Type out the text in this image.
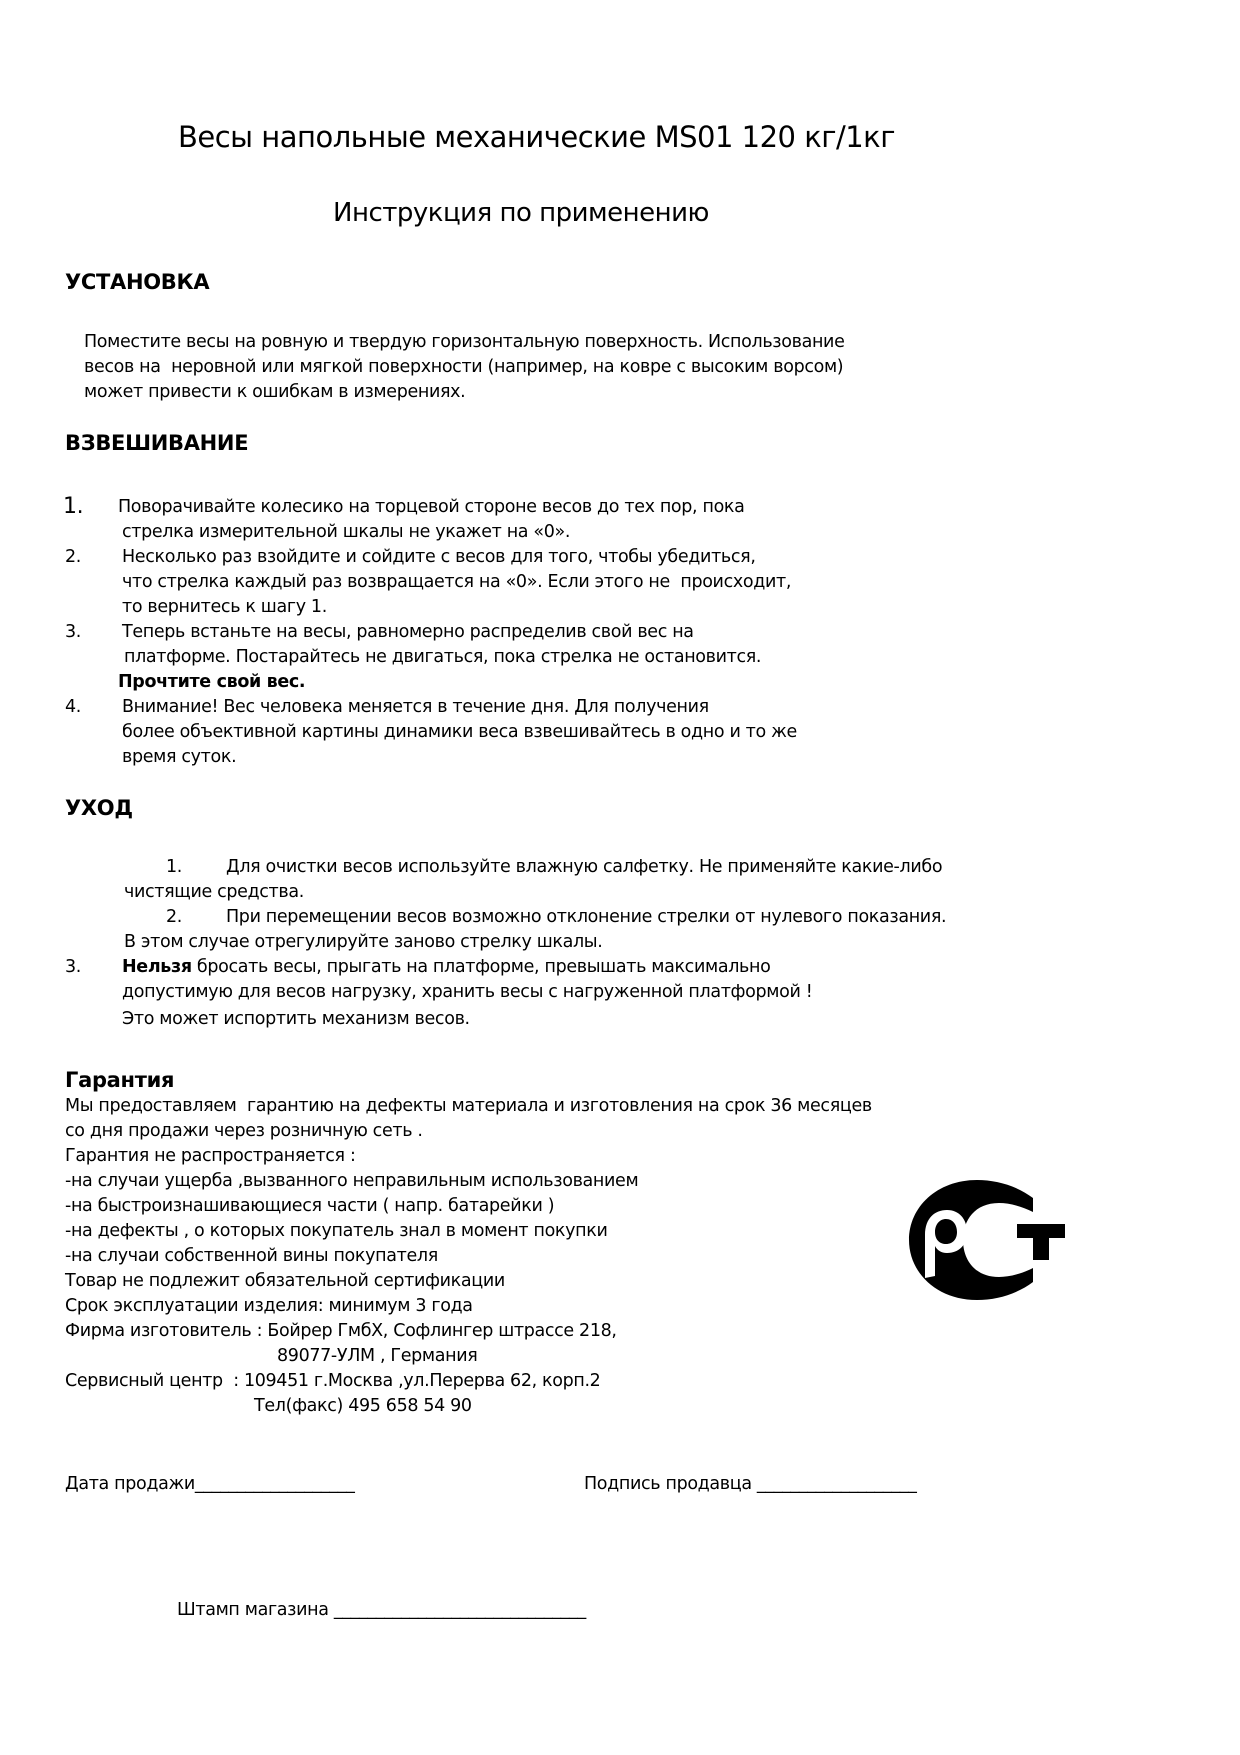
Весы напольные механические MS01 120 кг/1кг
Инструкция по применению
УСТАНОВКА
Поместите весы на ровную и твердую горизонтальную поверхность. Использование
весов на  неровной или мягкой поверхности (например, на ковре с высоким ворсом)
может привести к ошибкам в измерениях.
ВЗВЕШИВАНИЕ
1. Поворачивайте колесико на торцевой стороне весов до тех пор, пока
стрелка измерительной шкалы не укажет на «0».
2. Несколько раз взойдите и сойдите с весов для того, чтобы убедиться,
что стрелка каждый раз возвращается на «0». Если этого не  происходит,
то вернитесь к шагу 1.
3. Теперь встаньте на весы, равномерно распределив свой вес на
платформе. Постарайтесь не двигаться, пока стрелка не остановится.
Прочтите свой вес.
4. Внимание! Вес человека меняется в течение дня. Для получения
более объективной картины динамики веса взвешивайтесь в одно и то же
время суток.
УХОД
1.	Для очистки весов используйте влажную салфетку. Не применяйте какие-либо
чистящие средства.
2.	При перемещении весов возможно отклонение стрелки от нулевого показания.
В этом случае отрегулируйте заново стрелку шкалы.
3. Нельзя бросать весы, прыгать на платформе, превышать максимально
допустимую для весов нагрузку, хранить весы с нагруженной платформой !
Это может испортить механизм весов.
Гарантия
Мы предоставляем  гарантию на дефекты материала и изготовления на срок 36 месяцев
со дня продажи через розничную сеть .
Гарантия не распространяется :
-на случаи ущерба ,вызванного неправильным использованием
-на быстроизнашивающиеся части ( напр. батарейки )
-на дефекты , о которых покупатель знал в момент покупки
-на случаи собственной вины покупателя
Товар не подлежит обязательной сертификации
Срок эксплуатации изделия: минимум 3 года
Фирма изготовитель : Бойрер ГмбХ, Софлингер штрассе 218,
89077-УЛМ , Германия
Сервисный центр  : 109451 г.Москва ,ул.Перерва 62, корп.2
Тел(факс) 495 658 54 90
Дата продажи___________________	Подпись продавца ___________________
Штамп магазина ______________________________
